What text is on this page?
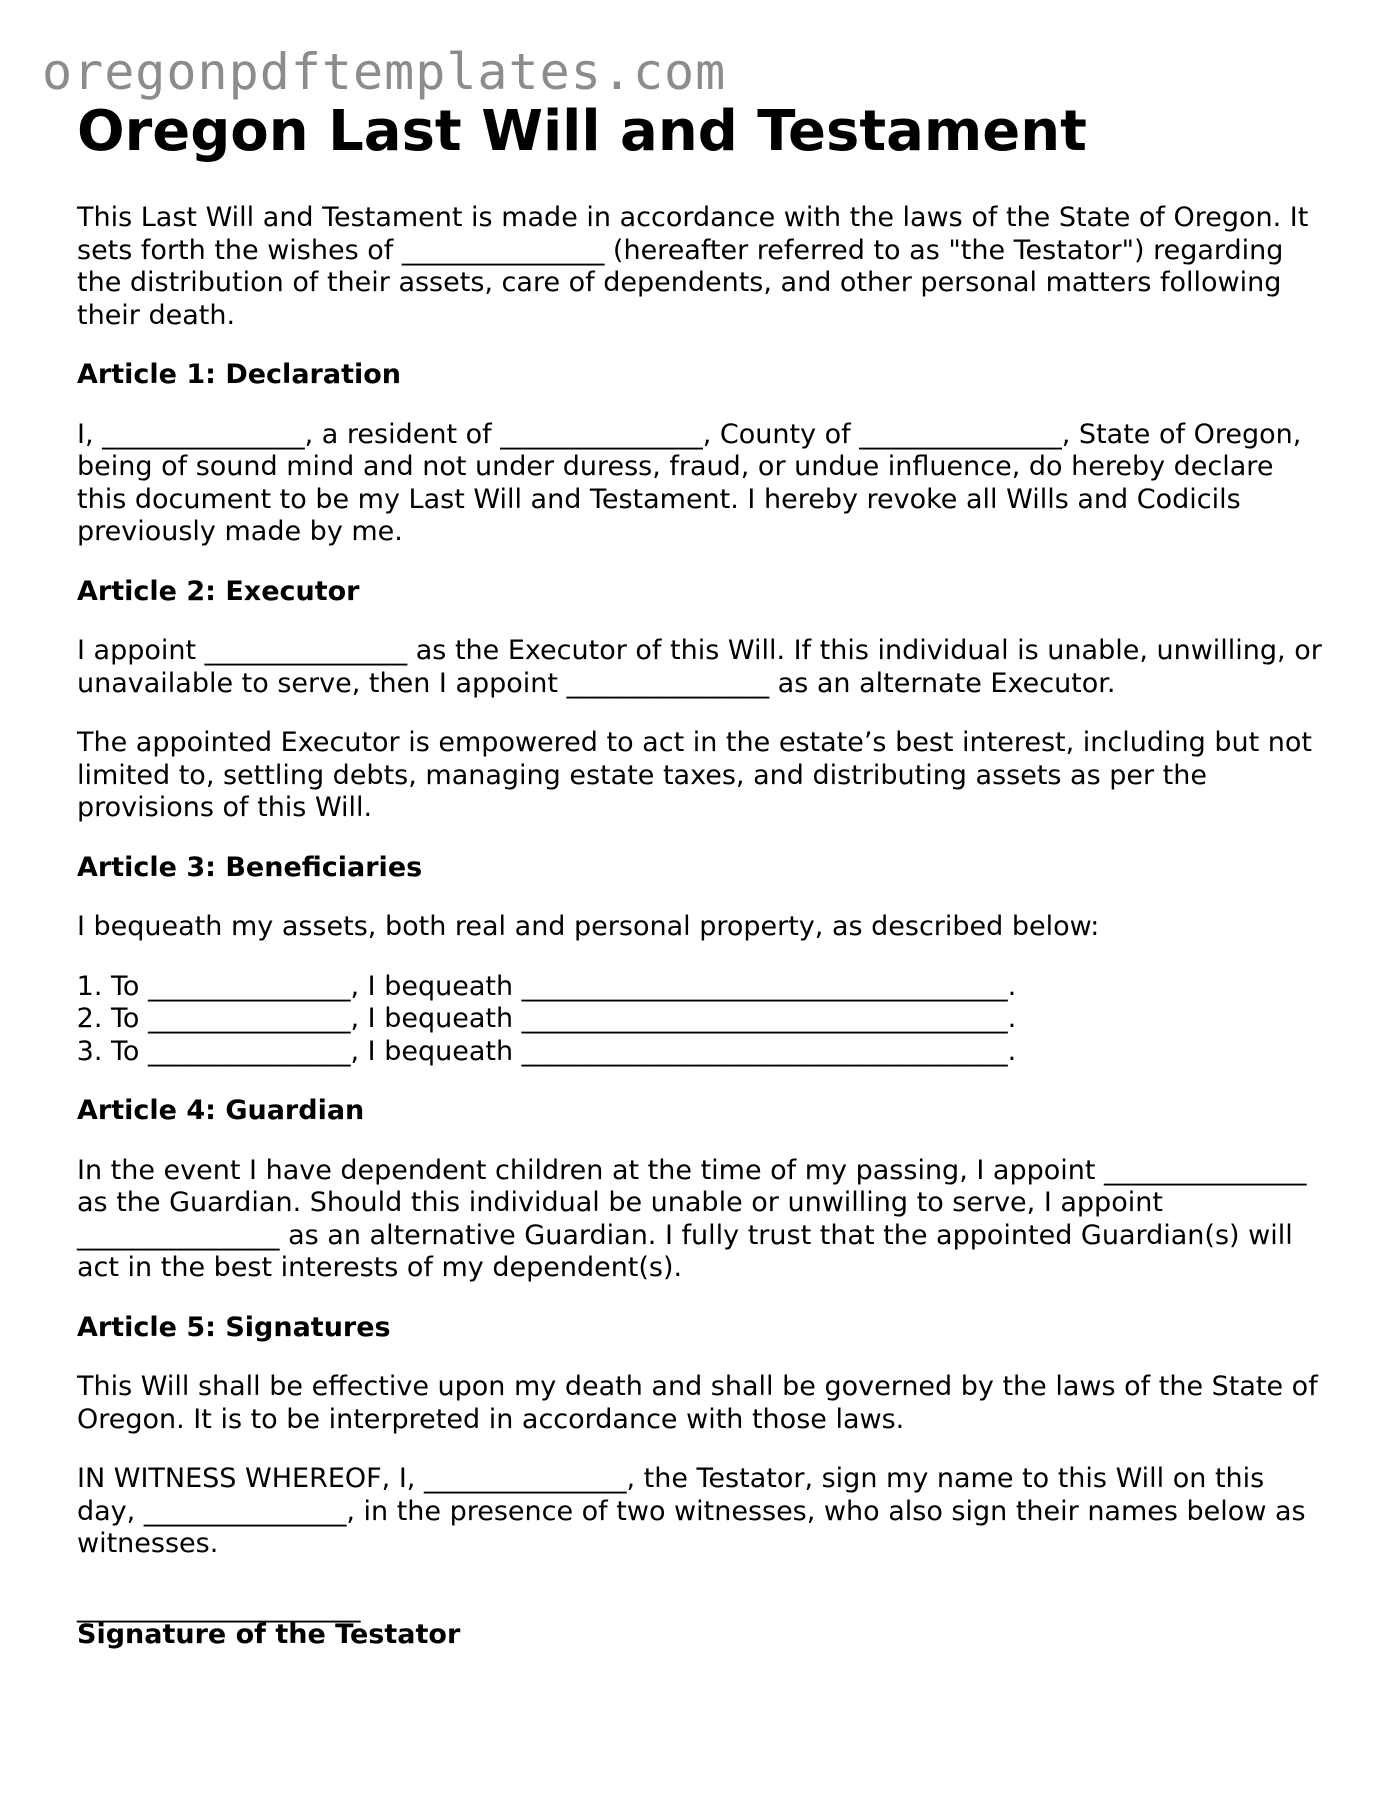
oregonpdftemplates.com
Oregon Last Will and Testament

This Last Will and Testament is made in accordance with the laws of the State of Oregon. It sets forth the wishes of _______________ (hereafter referred to as "the Testator") regarding the distribution of their assets, care of dependents, and other personal matters following their death.

Article 1: Declaration

I, _______________, a resident of _______________, County of _______________, State of Oregon, being of sound mind and not under duress, fraud, or undue influence, do hereby declare this document to be my Last Will and Testament. I hereby revoke all Wills and Codicils previously made by me.

Article 2: Executor

I appoint _______________ as the Executor of this Will. If this individual is unable, unwilling, or unavailable to serve, then I appoint _______________ as an alternate Executor.

The appointed Executor is empowered to act in the estate’s best interest, including but not limited to, settling debts, managing estate taxes, and distributing assets as per the provisions of this Will.

Article 3: Beneficiaries

I bequeath my assets, both real and personal property, as described below:

1. To _______________, I bequeath ____________________________________.
2. To _______________, I bequeath ____________________________________.
3. To _______________, I bequeath ____________________________________.
Article 4: Guardian

In the event I have dependent children at the time of my passing, I appoint _______________ as the Guardian. Should this individual be unable or unwilling to serve, I appoint _______________ as an alternative Guardian. I fully trust that the appointed Guardian(s) will act in the best interests of my dependent(s).

Article 5: Signatures

This Will shall be effective upon my death and shall be governed by the laws of the State of Oregon. It is to be interpreted in accordance with those laws.

IN WITNESS WHEREOF, I, _______________, the Testator, sign my name to this Will on this day, _______________, in the presence of two witnesses, who also sign their names below as witnesses.

_____________________

Signature of the Testator
